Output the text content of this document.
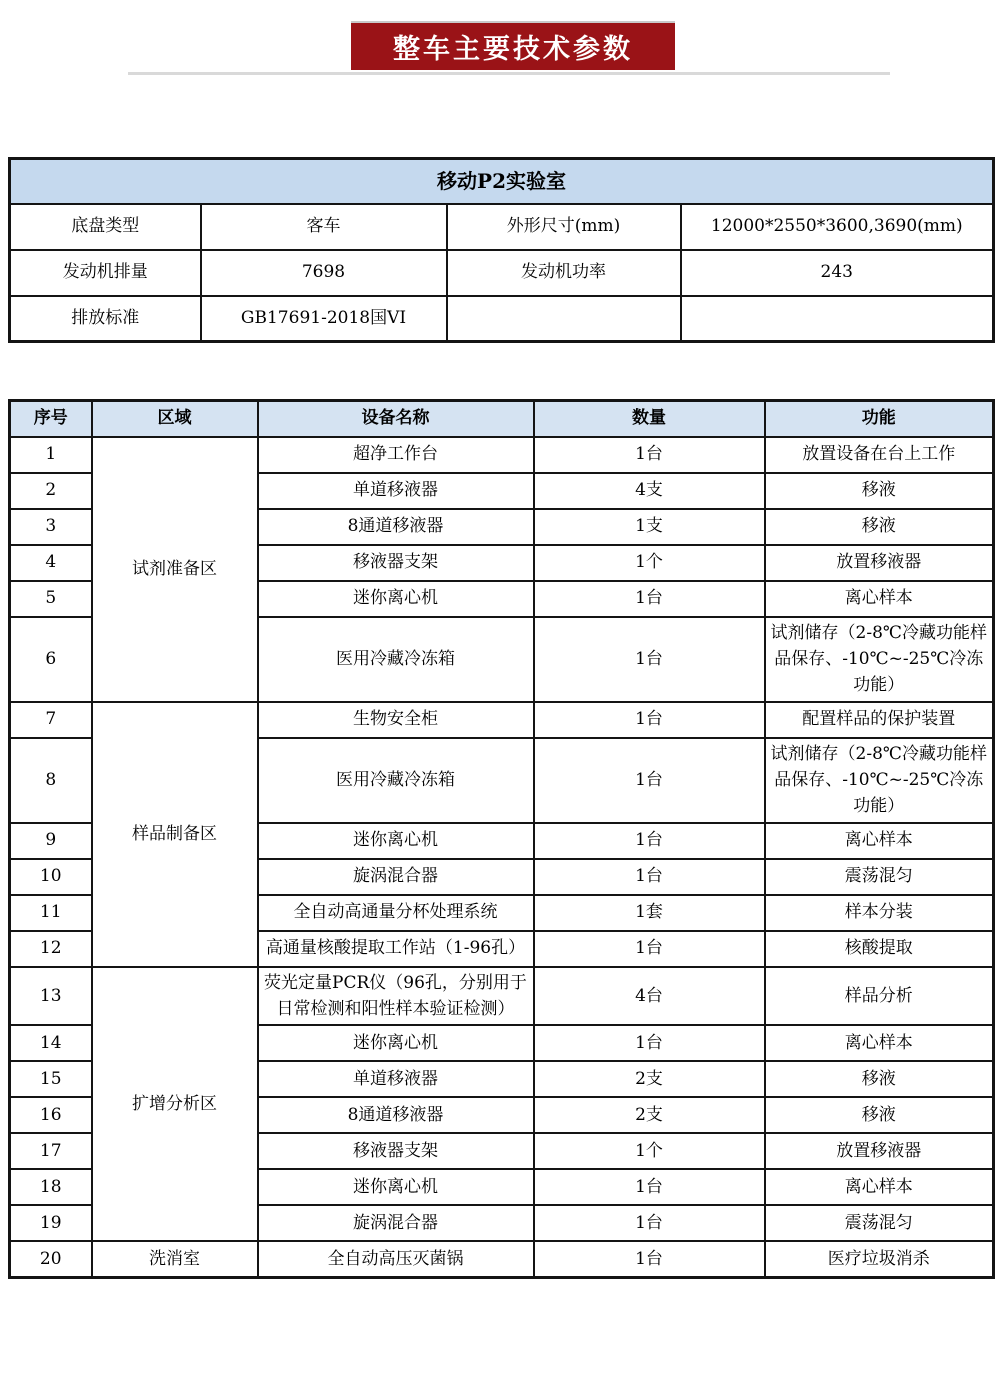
整车主要技术参数
移动P2实验室			
底盘类型	客车	外形尺寸(mm)	12000*2550*3600,3690(mm)
发动机排量	7698	发动机功率	243
排放标准	GB17691-2018国VI		
序号	区域	设备名称	数量	功能
1	试剂准备区	超净工作台	1台	放置设备在台上工作
2		单道移液器	4支	移液
3		8通道移液器	1支	移液
4		移液器支架	1个	放置移液器
5		迷你离心机	1台	离心样本
6		医用冷藏冷冻箱	1台	试剂储存（2-8℃冷藏功能样品保存、-10℃~-25℃冷冻功能）
7	样品制备区	生物安全柜	1台	配置样品的保护装置
8		医用冷藏冷冻箱	1台	试剂储存（2-8℃冷藏功能样品保存、-10℃~-25℃冷冻功能）
9		迷你离心机	1台	离心样本
10		旋涡混合器	1台	震荡混匀
11		全自动高通量分杯处理系统	1套	样本分装
12		高通量核酸提取工作站（1-96孔）	1台	核酸提取
13	扩增分析区	荧光定量PCR仪（96孔，分别用于日常检测和阳性样本验证检测）	4台	样品分析
14		迷你离心机	1台	离心样本
15		单道移液器	2支	移液
16		8通道移液器	2支	移液
17		移液器支架	1个	放置移液器
18		迷你离心机	1台	离心样本
19		旋涡混合器	1台	震荡混匀
20	洗消室	全自动高压灭菌锅	1台	医疗垃圾消杀
